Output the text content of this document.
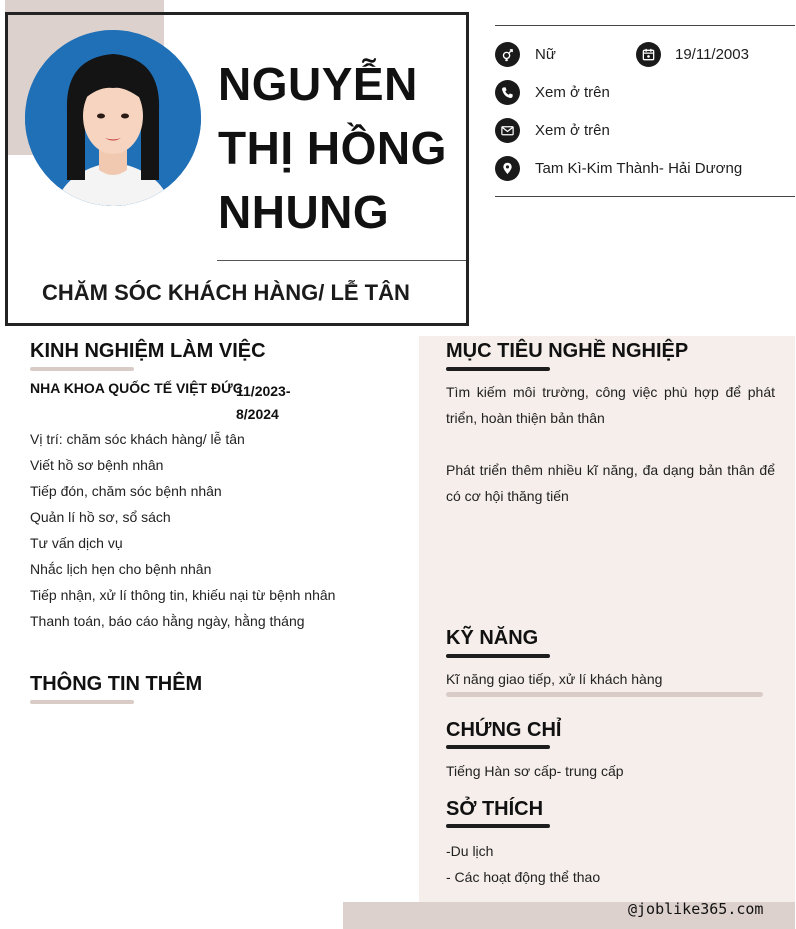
NGUYỄN THỊ HỒNG NHUNG
CHĂM SÓC KHÁCH HÀNG/ LỄ TÂN
Nữ	19/11/2003
Xem ở trên
Xem ở trên
Tam Kì-Kim Thành- Hải Dương
KINH NGHIỆM LÀM VIỆC
NHA KHOA QUỐC TẾ VIỆT ĐỨC
11/2023-8/2024
Vị trí: chăm sóc khách hàng/ lễ tân
Viết hồ sơ bệnh nhân
Tiếp đón, chăm sóc bệnh nhân
Quản lí hồ sơ, sổ sách
Tư vấn dịch vụ
Nhắc lịch hẹn cho bệnh nhân
Tiếp nhận, xử lí thông tin, khiếu nại từ bệnh nhân
Thanh toán, báo cáo hằng ngày, hằng tháng
THÔNG TIN THÊM
MỤC TIÊU NGHỀ NGHIỆP
Tìm kiếm môi trường, công việc phù hợp để phát triển, hoàn thiện bản thân
Phát triển thêm nhiều kĩ năng, đa dạng bản thân để có cơ hội thăng tiến
KỸ NĂNG
Kĩ năng giao tiếp, xử lí khách hàng
CHỨNG CHỈ
Tiếng Hàn sơ cấp- trung cấp
SỞ THÍCH
-Du lịch
- Các hoạt động thể thao
@joblike365.com
